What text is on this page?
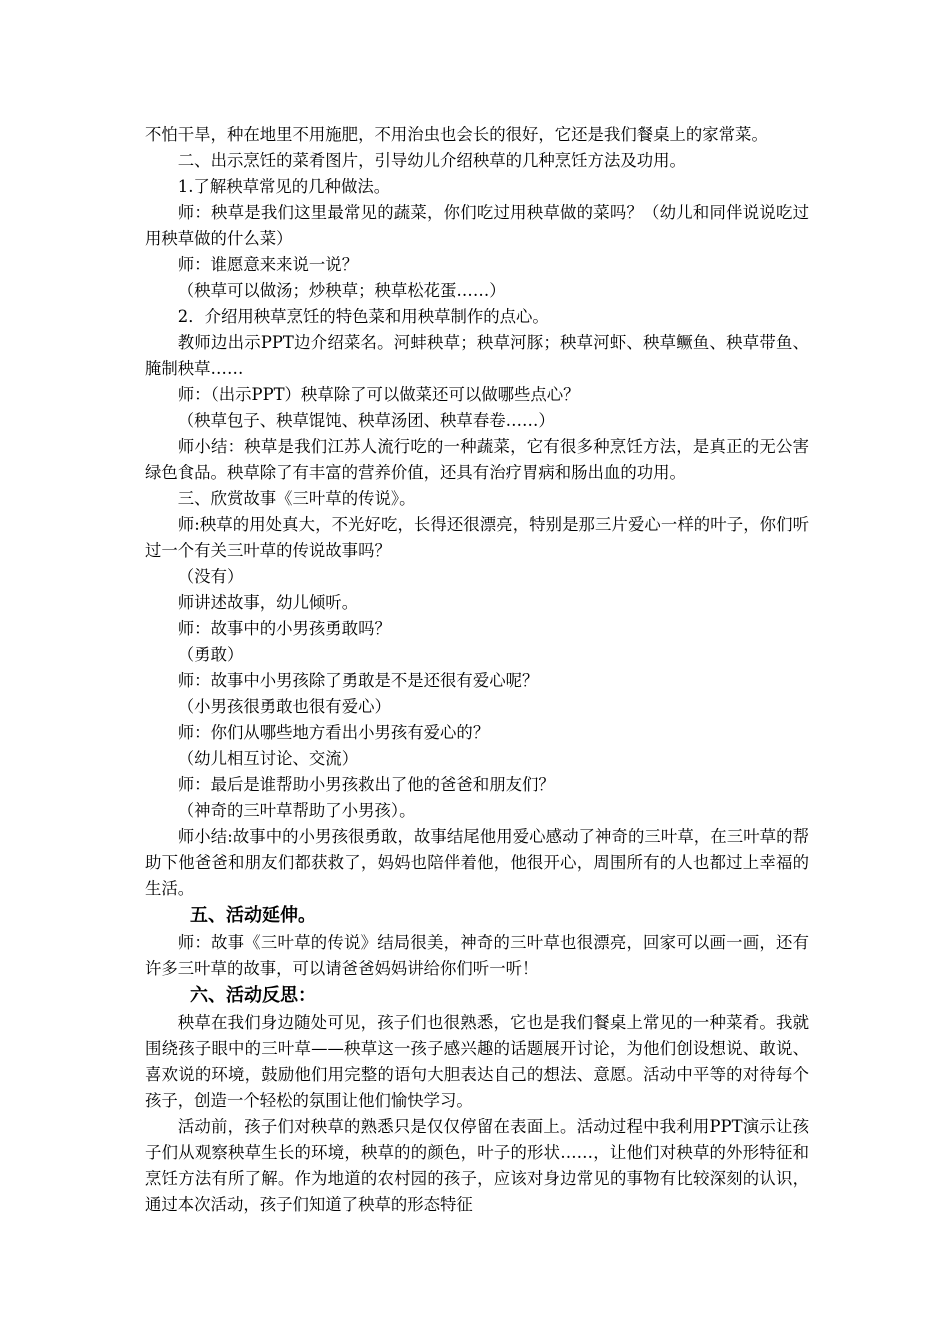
不怕干旱，种在地里不用施肥，不用治虫也会长的很好，它还是我们餐桌上的家常菜。

二、出示烹饪的菜肴图片，引导幼儿介绍秧草的几种烹饪方法及功用。

1.了解秧草常见的几种做法。

师：秧草是我们这里最常见的蔬菜，你们吃过用秧草做的菜吗？（幼儿和同伴说说吃过用秧草做的什么菜）

师：谁愿意来来说一说？

（秧草可以做汤；炒秧草；秧草松花蛋……）

2．介绍用秧草烹饪的特色菜和用秧草制作的点心。

教师边出示PPT边介绍菜名。河蚌秧草；秧草河豚；秧草河虾、秧草鳜鱼、秧草带鱼、腌制秧草……

师：（出示PPT）秧草除了可以做菜还可以做哪些点心？

（秧草包子、秧草馄饨、秧草汤团、秧草春卷……）

师小结：秧草是我们江苏人流行吃的一种蔬菜，它有很多种烹饪方法，是真正的无公害绿色食品。秧草除了有丰富的营养价值，还具有治疗胃病和肠出血的功用。

三、欣赏故事《三叶草的传说》。

师:秧草的用处真大，不光好吃，长得还很漂亮，特别是那三片爱心一样的叶子，你们听过一个有关三叶草的传说故事吗？

（没有）

师讲述故事，幼儿倾听。

师：故事中的小男孩勇敢吗？

（勇敢）

师：故事中小男孩除了勇敢是不是还很有爱心呢？

（小男孩很勇敢也很有爱心）

师：你们从哪些地方看出小男孩有爱心的？

（幼儿相互讨论、交流）

师：最后是谁帮助小男孩救出了他的爸爸和朋友们？

（神奇的三叶草帮助了小男孩）。

师小结:故事中的小男孩很勇敢，故事结尾他用爱心感动了神奇的三叶草，在三叶草的帮助下他爸爸和朋友们都获救了，妈妈也陪伴着他，他很开心，周围所有的人也都过上幸福的生活。

五、活动延伸。

师：故事《三叶草的传说》结局很美，神奇的三叶草也很漂亮，回家可以画一画，还有许多三叶草的故事，可以请爸爸妈妈讲给你们听一听！

六、活动反思：

秧草在我们身边随处可见，孩子们也很熟悉，它也是我们餐桌上常见的一种菜肴。我就围绕孩子眼中的三叶草——秧草这一孩子感兴趣的话题展开讨论，为他们创设想说、敢说、喜欢说的环境，鼓励他们用完整的语句大胆表达自己的想法、意愿。活动中平等的对待每个孩子，创造一个轻松的氛围让他们愉快学习。

活动前，孩子们对秧草的熟悉只是仅仅停留在表面上。活动过程中我利用PPT演示让孩子们从观察秧草生长的环境，秧草的的颜色，叶子的形状……，让他们对秧草的外形特征和烹饪方法有所了解。作为地道的农村园的孩子，应该对身边常见的事物有比较深刻的认识，通过本次活动，孩子们知道了秧草的形态特征
